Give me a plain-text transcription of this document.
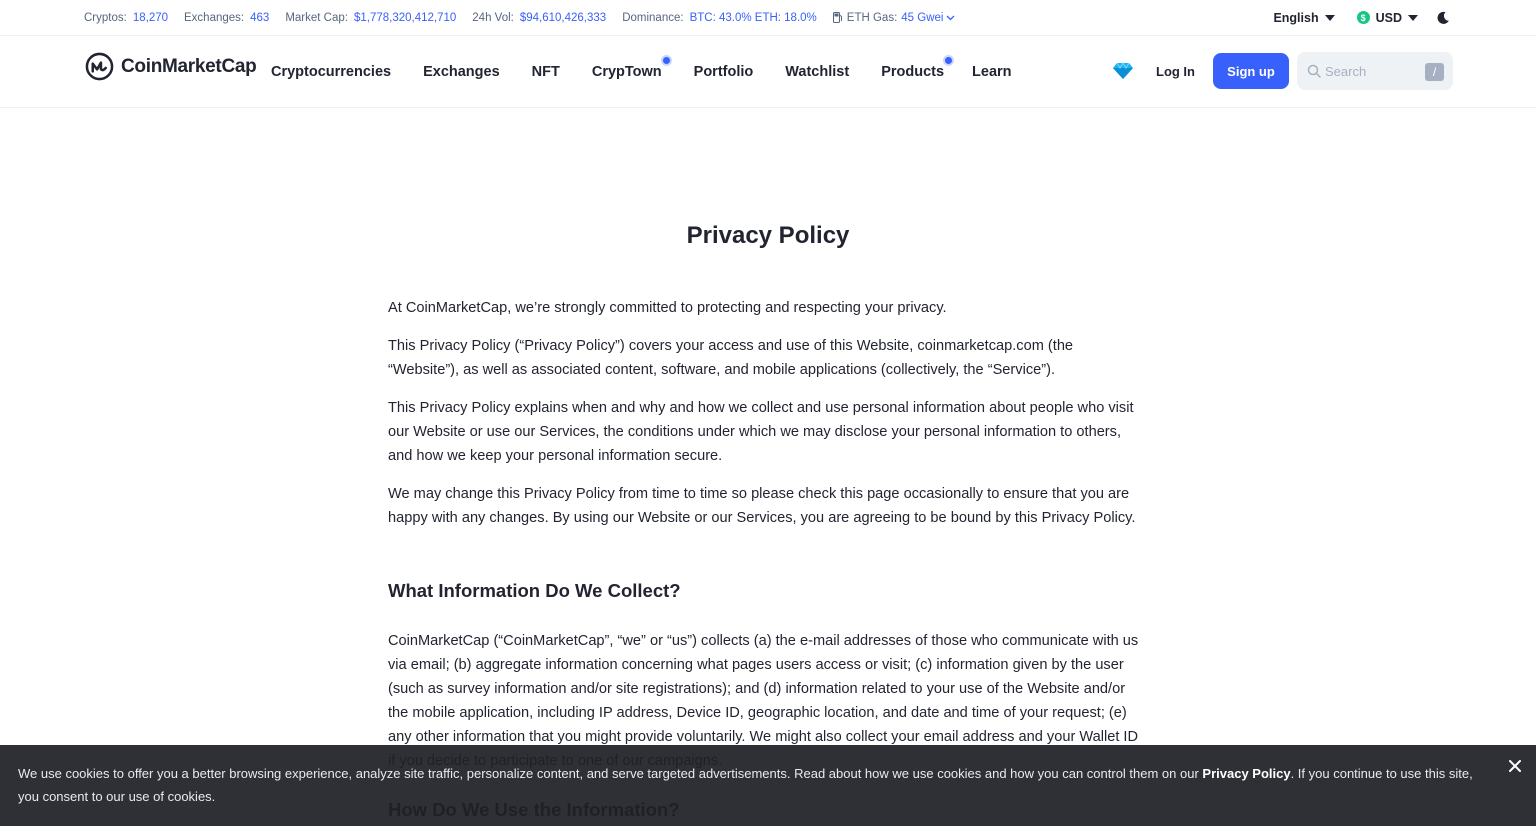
Cryptos: 18,270 Exchanges: 463 Market Cap: $1,778,320,412,710 24h Vol: $94,610,426,333 Dominance: BTC: 43.0% ETH: 18.0%	ETH Gas: 45 Gwei	English	$ USD
CoinMarketCap Cryptocurrencies Exchanges NFT CrypTown Portfolio Watchlist Products Learn	Log In	Sign up
Search	/
Privacy Policy

At CoinMarketCap, we’re strongly committed to protecting and respecting your privacy.

This Privacy Policy (“Privacy Policy”) covers your access and use of this Website, coinmarketcap.com (the “Website”), as well as associated content, software, and mobile applications (collectively, the “Service”).

This Privacy Policy explains when and why and how we collect and use personal information about people who visit our Website or use our Services, the conditions under which we may disclose your personal information to others, and how we keep your personal information secure.

We may change this Privacy Policy from time to time so please check this page occasionally to ensure that you are happy with any changes. By using our Website or our Services, you are agreeing to be bound by this Privacy Policy.

What Information Do We Collect?

CoinMarketCap (“CoinMarketCap”, “we” or “us”) collects (a) the e-mail addresses of those who communicate with us via email; (b) aggregate information concerning what pages users access or visit; (c) information given by the user (such as survey information and/or site registrations); and (d) information related to your use of the Website and/or the mobile application, including IP address, Device ID, geographic location, and date and time of your request; (e) any other information that you might provide voluntarily. We might also collect your email address and your Wallet ID

We use cookies to offer you a better browsing experience, analyze site traffic, personalize content, and serve targeted advertisements. Read about how we use cookies and how you can control them on our Privacy Policy. If you continue to use this site, you consent to our use of cookies.
